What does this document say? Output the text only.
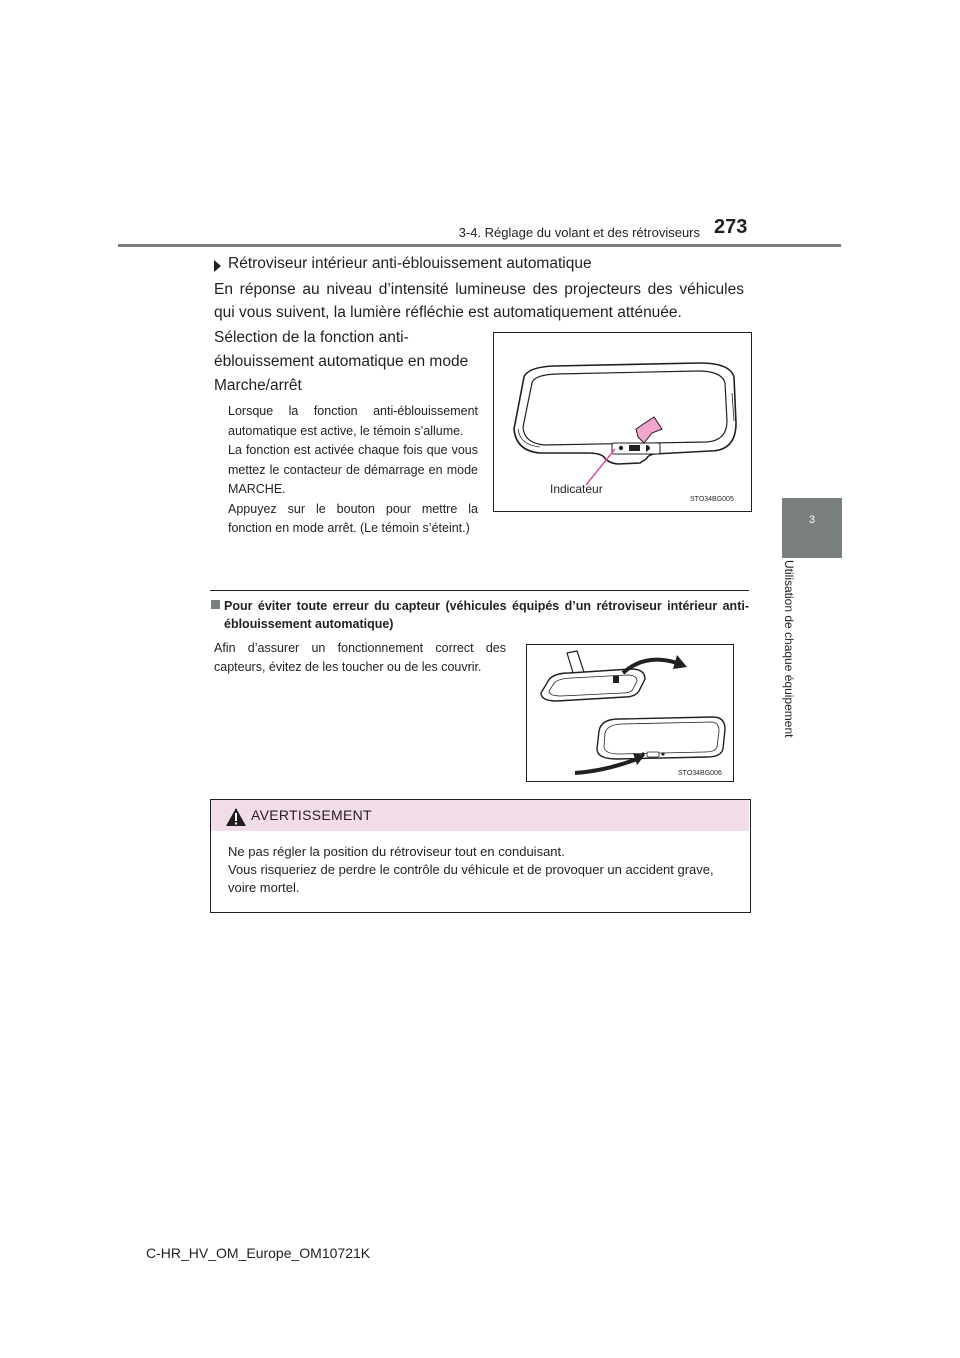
3-4. Réglage du volant et des rétroviseurs 273
3
Utilisation de chaque équipement
Rétroviseur intérieur anti-éblouissement automatique
En réponse au niveau d’intensité lumineuse des projecteurs des véhicules qui vous suivent, la lumière réfléchie est automatiquement atténuée.
Sélection de la fonction anti-éblouissement automatique en mode Marche/arrêt

Lorsque la fonction anti-éblouissement automatique est active, le témoin s’allume.

La fonction est activée chaque fois que vous mettez le contacteur de démarrage en mode MARCHE.

Appuyez sur le bouton pour mettre la fonction en mode arrêt. (Le témoin s’éteint.)

Indicateur
STO34BG005
Pour éviter toute erreur du capteur (véhicules équipés d’un rétroviseur intérieur anti-éblouissement automatique)
Afin d’assurer un fonctionnement correct des capteurs, évitez de les toucher ou de les couvrir.
STO34BG006
AVERTISSEMENT
Ne pas régler la position du rétroviseur tout en conduisant.
Vous risqueriez de perdre le contrôle du véhicule et de provoquer un accident grave, voire mortel.
C-HR_HV_OM_Europe_OM10721K
